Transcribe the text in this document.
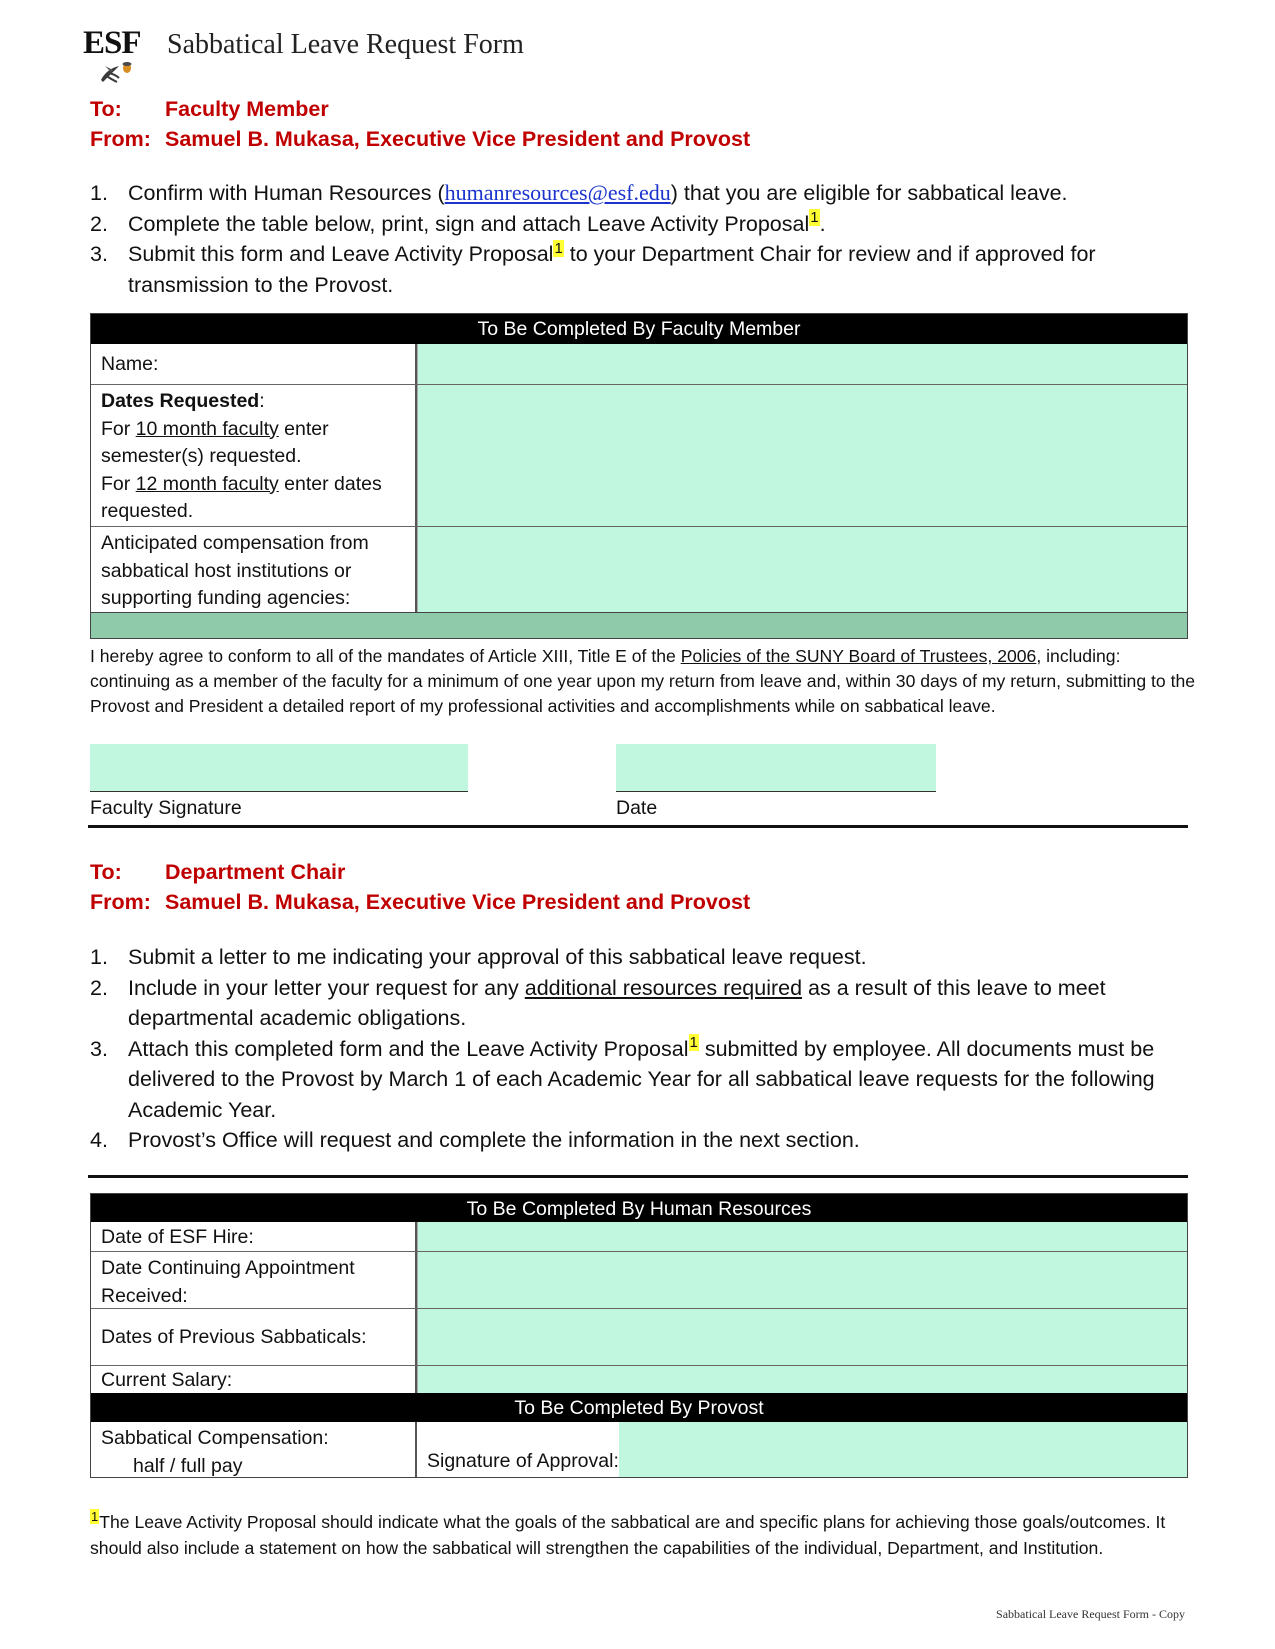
ESF Sabbatical Leave Request Form
To: Faculty Member
From: Samuel B. Mukasa, Executive Vice President and Provost
1. Confirm with Human Resources (humanresources@esf.edu) that you are eligible for sabbatical leave.
2. Complete the table below, print, sign and attach Leave Activity Proposal$^1$.
3. Submit this form and Leave Activity Proposal$^1$ to your Department Chair for review and if approved for transmission to the Provost.
To Be Completed By Faculty Member
Name:
Dates Requested:
For 10 month faculty enter semester(s) requested.
For 12 month faculty enter dates requested.
Anticipated compensation from sabbatical host institutions or supporting funding agencies:
I hereby agree to conform to all of the mandates of Article XIII, Title E of the Policies of the SUNY Board of Trustees, 2006, including: continuing as a member of the faculty for a minimum of one year upon my return from leave and, within 30 days of my return, submitting to the Provost and President a detailed report of my professional activities and accomplishments while on sabbatical leave.
Faculty Signature	Date
To: Department Chair
From: Samuel B. Mukasa, Executive Vice President and Provost
1. Submit a letter to me indicating your approval of this sabbatical leave request.
2. Include in your letter your request for any additional resources required as a result of this leave to meet departmental academic obligations.
3. Attach this completed form and the Leave Activity Proposal$^1$ submitted by employee. All documents must be delivered to the Provost by March 1 of each Academic Year for all sabbatical leave requests for the following Academic Year.
4. Provost’s Office will request and complete the information in the next section.
To Be Completed By Human Resources
Date of ESF Hire:
Date Continuing Appointment Received:
Dates of Previous Sabbaticals:
Current Salary:
To Be Completed By Provost
Sabbatical Compensation:
half / full pay	Signature of Approval:
$^1$The Leave Activity Proposal should indicate what the goals of the sabbatical are and specific plans for achieving those goals/outcomes. It should also include a statement on how the sabbatical will strengthen the capabilities of the individual, Department, and Institution.
Sabbatical Leave Request Form - Copy
